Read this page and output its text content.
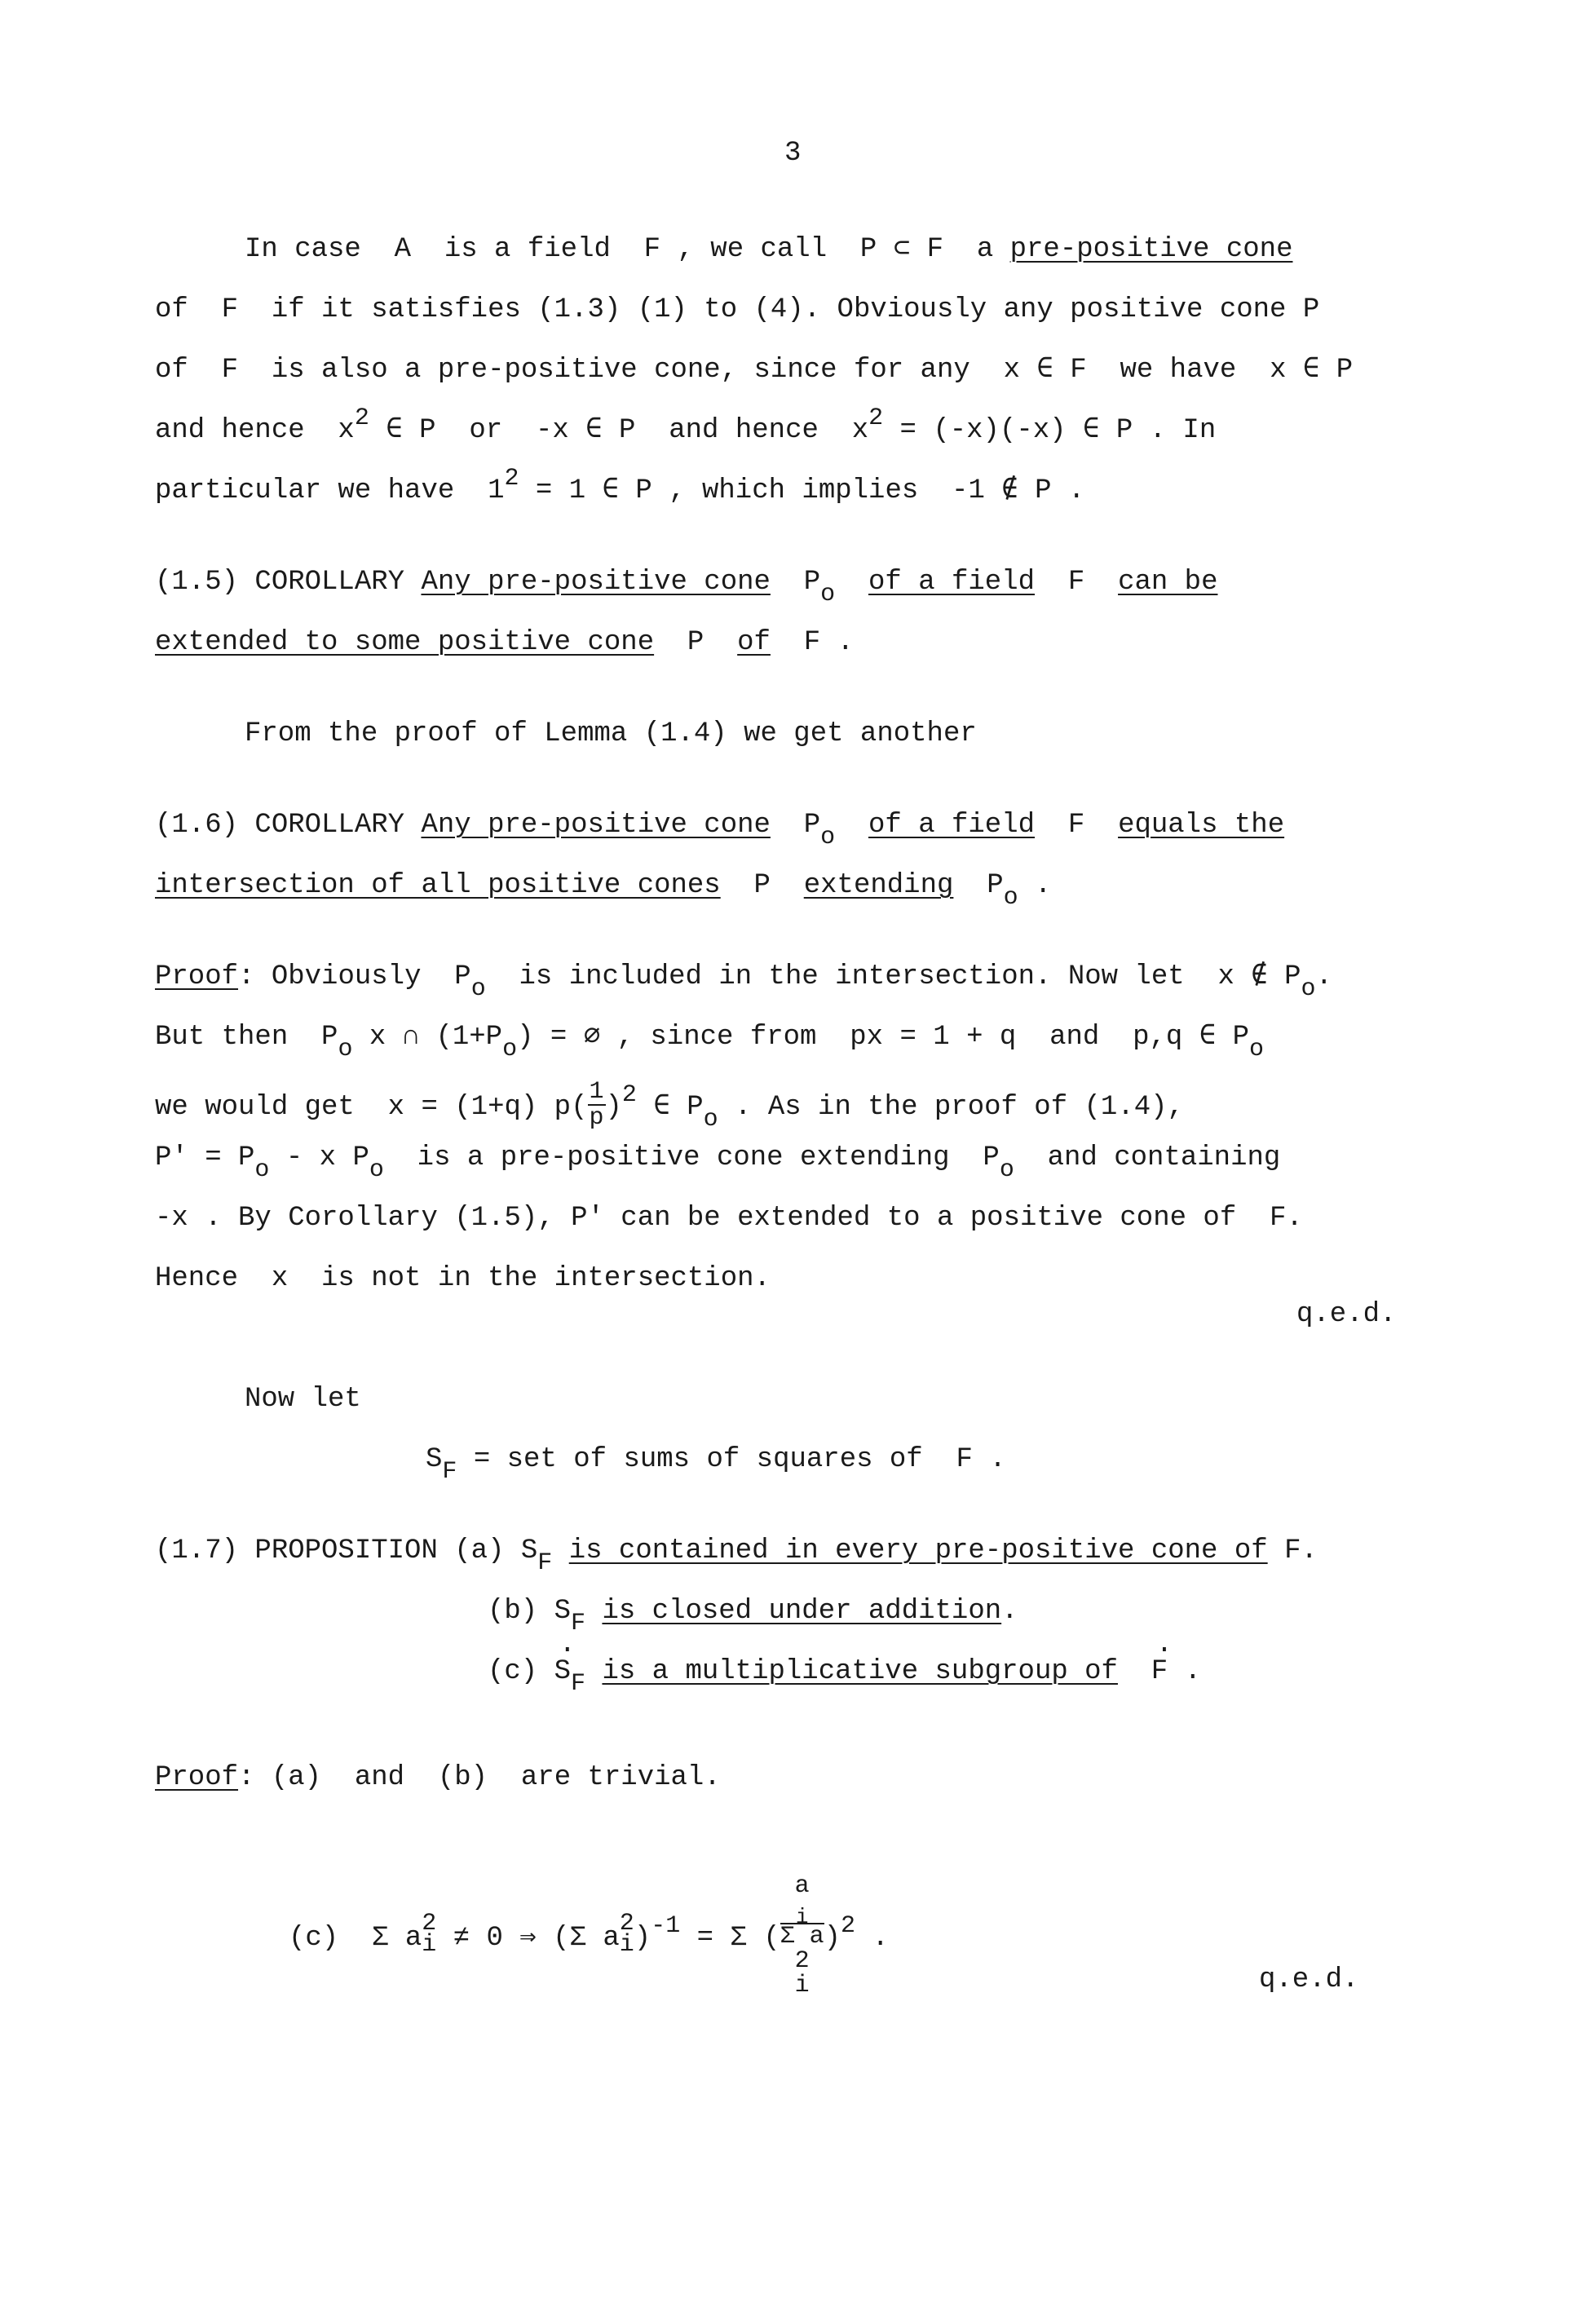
3
In case  A  is a field  F , we call  P ⊂ F  a pre-positive cone
of  F  if it satisfies (1.3) (1) to (4). Obviously any positive cone P
of  F  is also a pre-positive cone, since for any  x ∈ F  we have  x ∈ P
and hence  x2 ∈ P  or  -x ∈ P  and hence  x2 = (-x)(-x) ∈ P . In
particular we have  12 = 1 ∈ P , which implies  -1 ∉ P .
(1.5) COROLLARY Any pre-positive cone Po of a field F can be
extended to some positive cone P of F .
From the proof of Lemma (1.4) we get another
(1.6) COROLLARY Any pre-positive cone Po of a field F equals the
intersection of all positive cones P extending Po .
Proof: Obviously  Po  is included in the intersection. Now let  x ∉ Po.
But then  Po x ∩ (1+Po) = ∅ , since from  px = 1 + q  and  p,q ∈ Po
we would get  x = (1+q) $p( \frac{1}{p} )2$ ∈ Po . As in the proof of (1.4),
P' = Po - x Po  is a pre-positive cone extending  Po  and containing
-x . By Corollary (1.5), P' can be extended to a positive cone of  F.
Hence  x  is not in the intersection.
q.e.d.
Now let
SF = set of sums of squares of  F .
(1.7) PROPOSITION (a) SF is contained in every pre-positive cone of F.
(b) SF is closed under addition.
(c) · SF is a multiplicative subgroup of  · F .
Proof: (a)  and  (b)  are trivial.
(c)  Σ a 2
i ≠ 0 ⇒ (Σ a 2
i )-1 = Σ ( a
i
Σ a
2
i )2 .
q.e.d.
